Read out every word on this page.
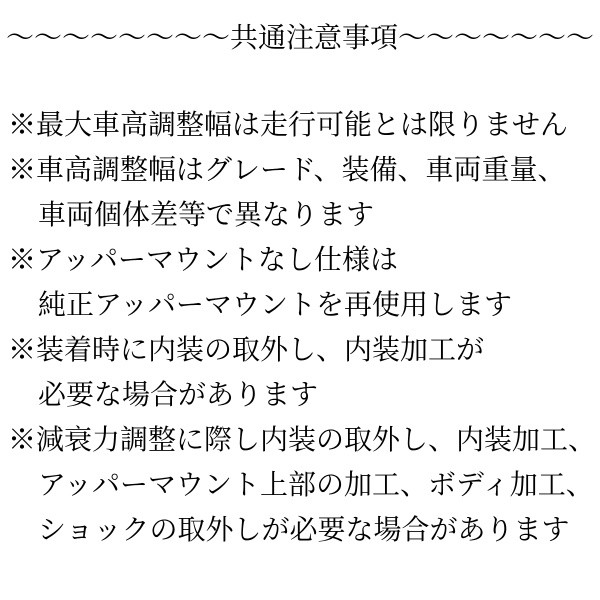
～～～～～～～～共通注意事項～～～～～～～
※最大車高調整幅は走行可能とは限りません
※車高調整幅はグレード、装備、車両重量、
車両個体差等で異なります
※アッパーマウントなし仕様は
純正アッパーマウントを再使用します
※装着時に内装の取外し、内装加工が
必要な場合があります
※減衰力調整に際し内装の取外し、内装加工、
アッパーマウント上部の加工、ボディ加工、
ショックの取外しが必要な場合があります
